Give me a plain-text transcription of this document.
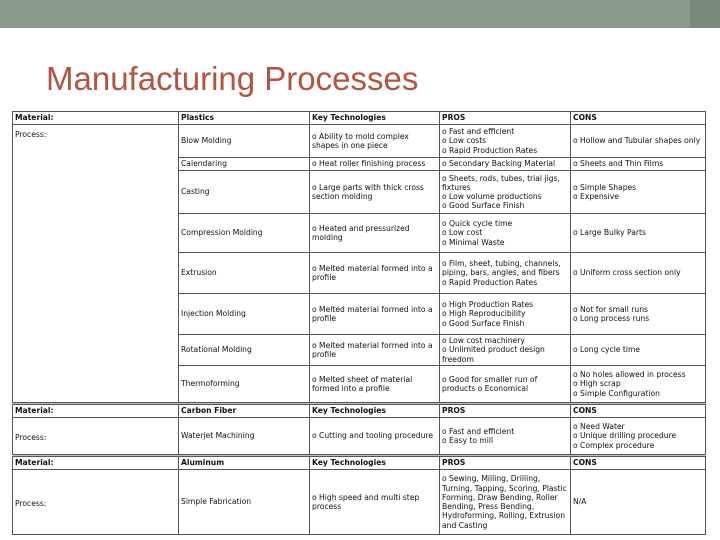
Manufacturing Processes
Material:	Plastics	Key Technologies	PROS	CONS
Process:	Blow Molding	o Ability to mold complex shapes in one piece	o Fast and efficient
o Low costs
o Rapid Production Rates	o Hollow and Tubular shapes only

	Calendaring	o Heat roller finishing process	o Secondary Backing Material	o Sheets and Thin Films

	Casting	o Large parts with thick cross section molding	o Sheets, rods, tubes, trial jigs, fixtures
o Low volume productions
o Good Surface Finish	o Simple Shapes
o Expensive

	Compression Molding	o Heated and pressurized molding	o Quick cycle time
o Low cost
o Minimal Waste	o Large Bulky Parts

	Extrusion	o Melted material formed into a profile	o Film, sheet, tubing, channels, piping, bars, angles, and fibers
o Rapid Production Rates	o Uniform cross section only

	Injection Molding	o Melted material formed into a profile	o High Production Rates
o High Reproducibility
o Good Surface Finish	o Not for small runs
o Long process runs

	Rotational Molding	o Melted material formed into a profile	o Low cost machinery
o Unlimited product design freedom	o Long cycle time

	Thermoforming	o Melted sheet of material formed into a profile	o Good for smaller run of products o Economical	o No holes allowed in process
o High scrap
o Simple Configuration

Material:	Carbon Fiber	Key Technologies	PROS	CONS
Process:	Waterjet Machining	o Cutting and tooling procedure	o Fast and efficient
o Easy to mill	o Need Water
o Unique drilling procedure
o Complex procedure

Material:	Aluminum	Key Technologies	PROS	CONS
Process:	Simple Fabrication	o High speed and multi step process	o Sewing, Milling, Drilling, Turning, Tapping, Scoring, Plastic Forming, Draw Bending, Roller Bending, Press Bending, Hydroforming, Rolling, Extrusion and Casting	N/A
